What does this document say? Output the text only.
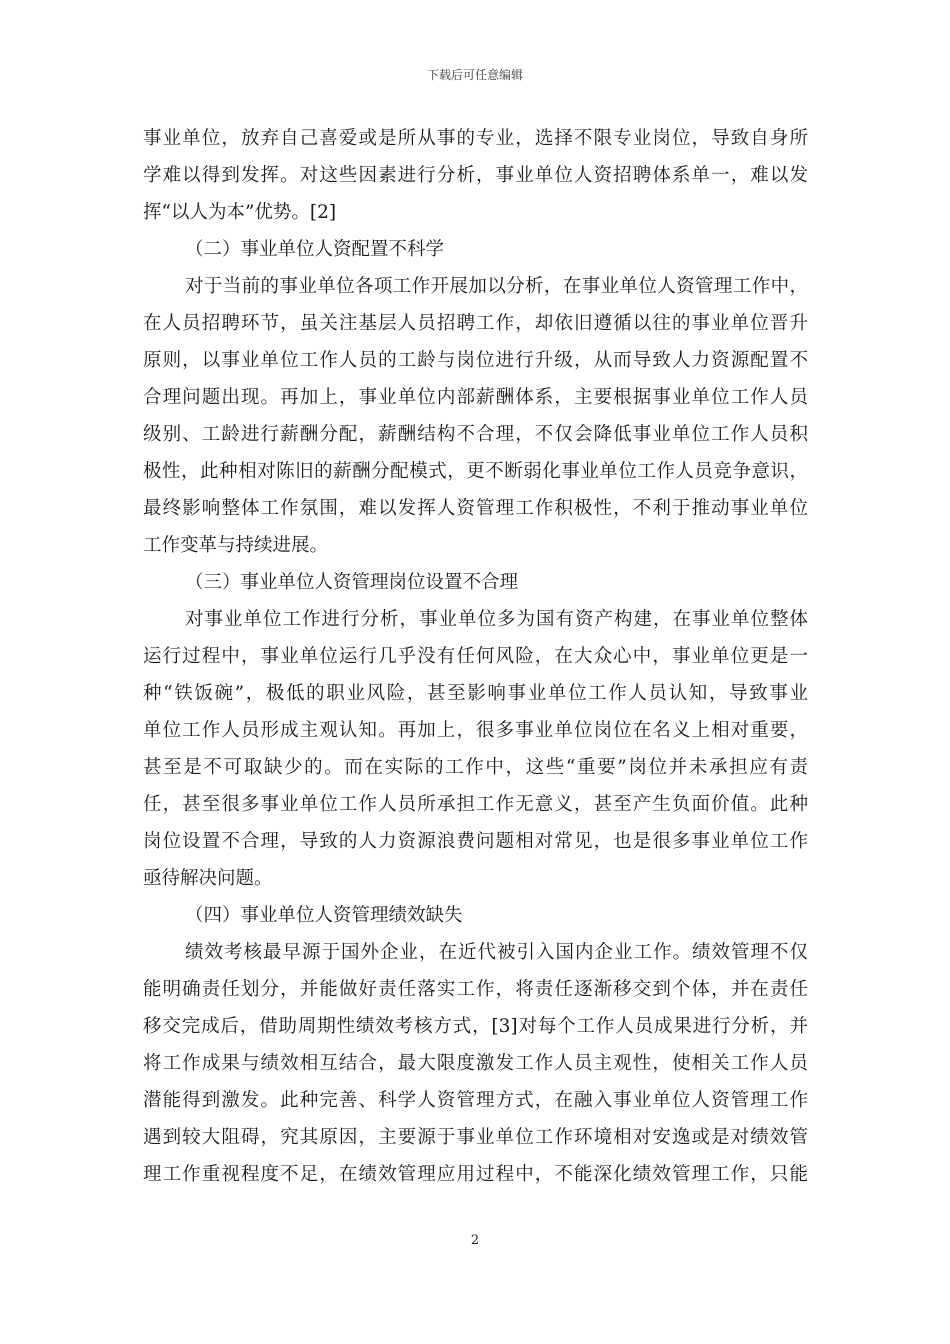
下载后可任意编辑
事业单位，放弃自己喜爱或是所从事的专业，选择不限专业岗位，导致自身所
学难以得到发挥。对这些因素进行分析，事业单位人资招聘体系单一，难以发
挥“以人为本”优势。[2]
（二）事业单位人资配置不科学
对于当前的事业单位各项工作开展加以分析，在事业单位人资管理工作中，
在人员招聘环节，虽关注基层人员招聘工作，却依旧遵循以往的事业单位晋升
原则，以事业单位工作人员的工龄与岗位进行升级，从而导致人力资源配置不
合理问题出现。再加上，事业单位内部薪酬体系，主要根据事业单位工作人员
级别、工龄进行薪酬分配，薪酬结构不合理，不仅会降低事业单位工作人员积
极性，此种相对陈旧的薪酬分配模式，更不断弱化事业单位工作人员竞争意识，
最终影响整体工作氛围，难以发挥人资管理工作积极性，不利于推动事业单位
工作变革与持续进展。
（三）事业单位人资管理岗位设置不合理
对事业单位工作进行分析，事业单位多为国有资产构建，在事业单位整体
运行过程中，事业单位运行几乎没有任何风险，在大众心中，事业单位更是一
种“铁饭碗”，极低的职业风险，甚至影响事业单位工作人员认知，导致事业
单位工作人员形成主观认知。再加上，很多事业单位岗位在名义上相对重要，
甚至是不可取缺少的。而在实际的工作中，这些“重要”岗位并未承担应有责
任，甚至很多事业单位工作人员所承担工作无意义，甚至产生负面价值。此种
岗位设置不合理，导致的人力资源浪费问题相对常见，也是很多事业单位工作
亟待解决问题。
（四）事业单位人资管理绩效缺失
绩效考核最早源于国外企业，在近代被引入国内企业工作。绩效管理不仅
能明确责任划分，并能做好责任落实工作，将责任逐渐移交到个体，并在责任
移交完成后，借助周期性绩效考核方式，[3]对每个工作人员成果进行分析，并
将工作成果与绩效相互结合，最大限度激发工作人员主观性，使相关工作人员
潜能得到激发。此种完善、科学人资管理方式，在融入事业单位人资管理工作
遇到较大阻碍，究其原因，主要源于事业单位工作环境相对安逸或是对绩效管
理工作重视程度不足，在绩效管理应用过程中，不能深化绩效管理工作，只能
2
